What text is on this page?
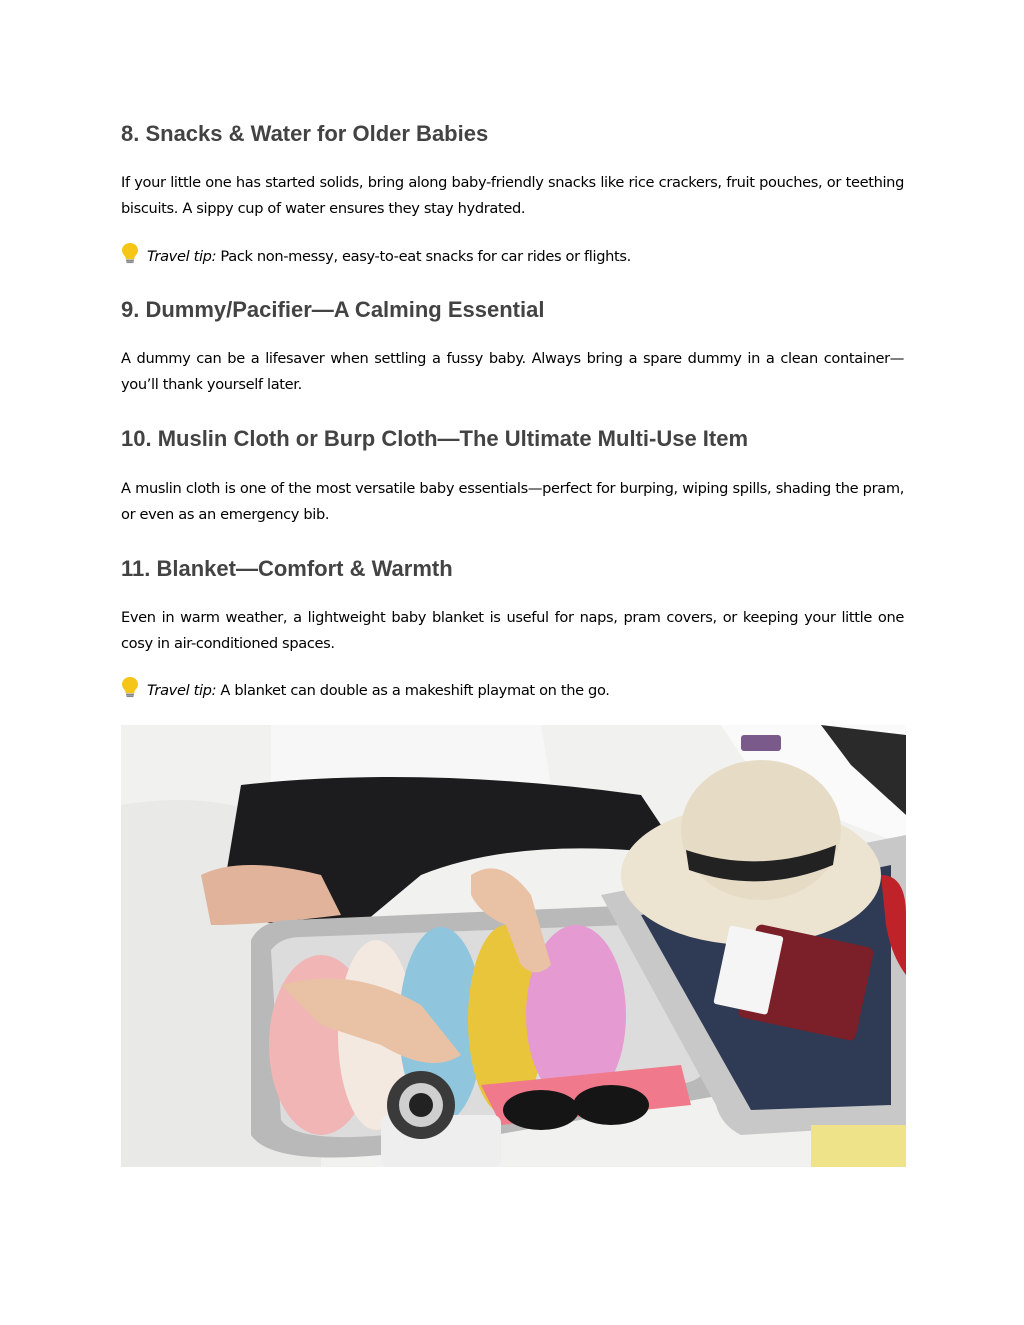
8. Snacks & Water for Older Babies

If your little one has started solids, bring along baby-friendly snacks like rice crackers, fruit pouches, or teething biscuits. A sippy cup of water ensures they stay hydrated.

Travel tip: Pack non-messy, easy-to-eat snacks for car rides or flights.

9. Dummy/Pacifier—A Calming Essential

A dummy can be a lifesaver when settling a fussy baby. Always bring a spare dummy in a clean container—you’ll thank yourself later.

10. Muslin Cloth or Burp Cloth—The Ultimate Multi-Use Item

A muslin cloth is one of the most versatile baby essentials—perfect for burping, wiping spills, shading the pram, or even as an emergency bib.

11. Blanket—Comfort & Warmth

Even in warm weather, a lightweight baby blanket is useful for naps, pram covers, or keeping your little one cosy in air-conditioned spaces.

Travel tip: A blanket can double as a makeshift playmat on the go.
